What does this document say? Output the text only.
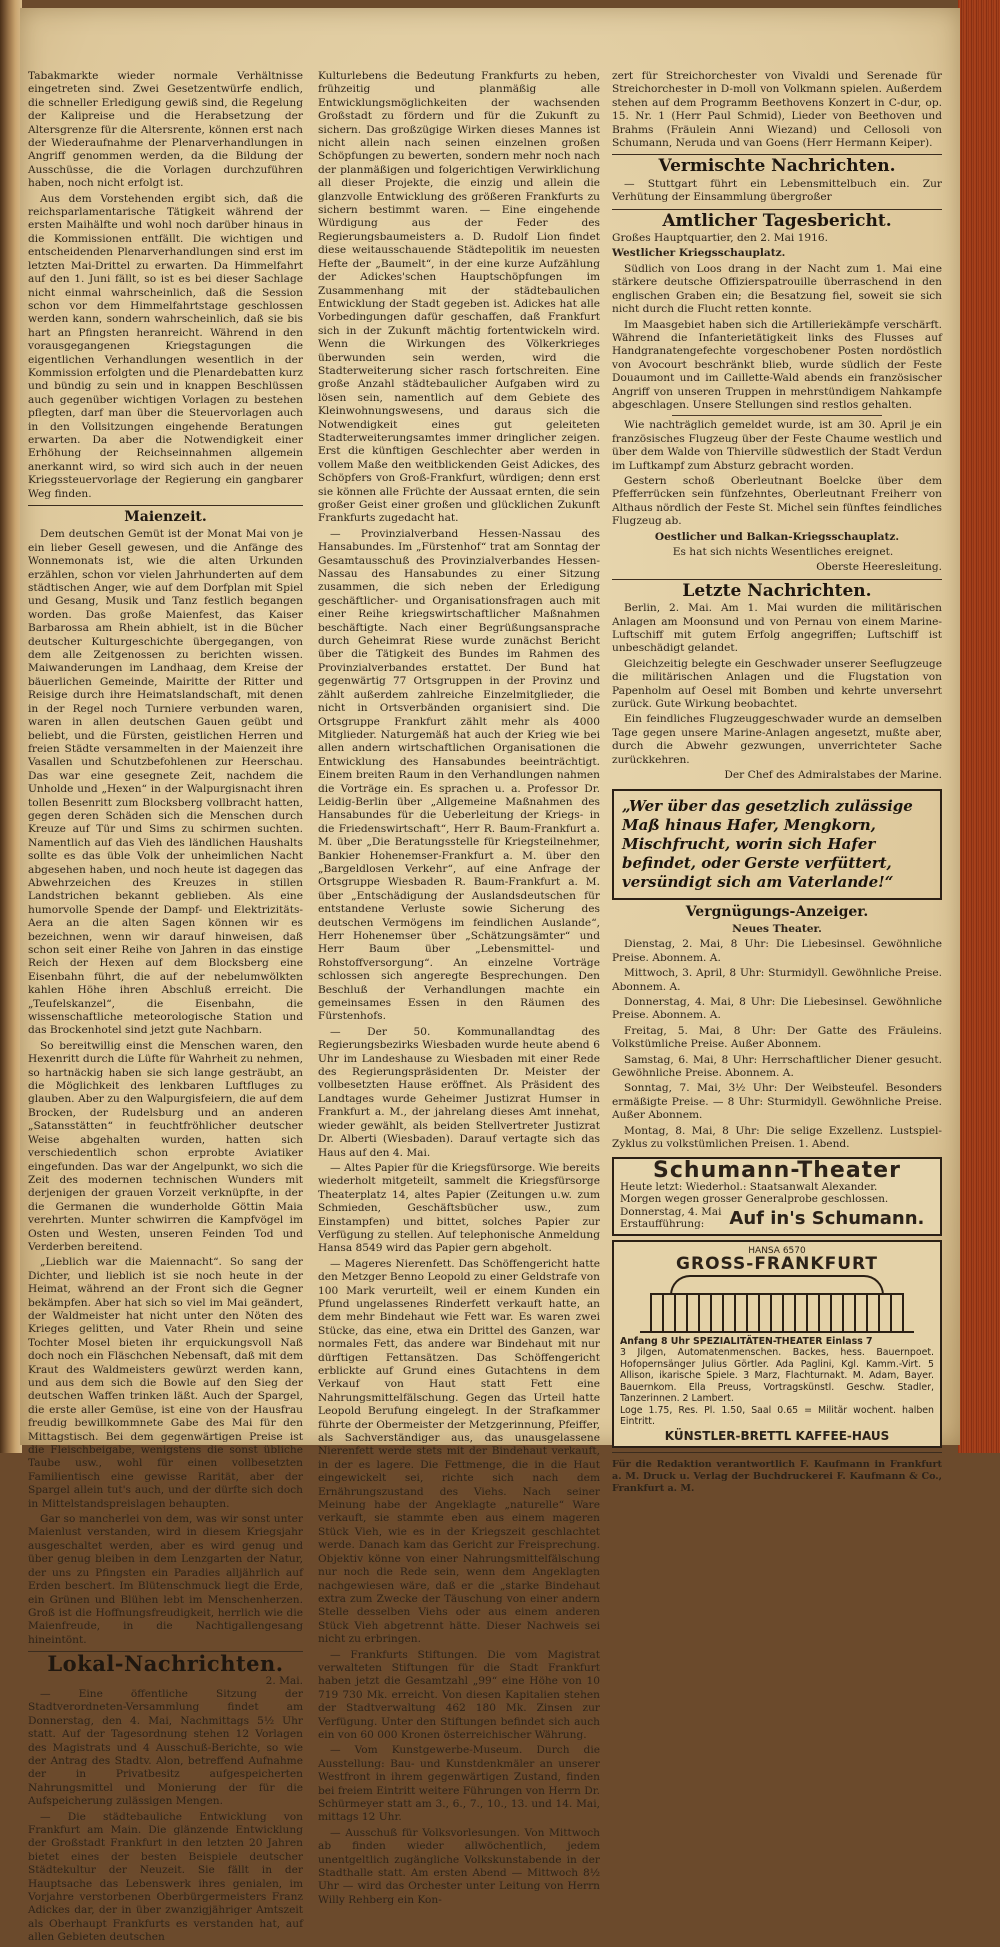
Tabakmarkte wieder normale Verhältnisse eingetreten sind. Zwei Gesetzentwürfe endlich, die schneller Erledigung gewiß sind, die Regelung der Kalipreise und die Herabsetzung der Altersgrenze für die Altersrente, können erst nach der Wiederaufnahme der Plenarverhandlungen in Angriff genommen werden, da die Bildung der Ausschüsse, die die Vorlagen durchzuführen haben, noch nicht erfolgt ist.

Aus dem Vorstehenden ergibt sich, daß die reichsparlamentarische Tätigkeit während der ersten Maihälfte und wohl noch darüber hinaus in die Kommissionen entfällt. Die wichtigen und entscheidenden Plenarverhandlungen sind erst im letzten Mai-Drittel zu erwarten. Da Himmelfahrt auf den 1. Juni fällt, so ist es bei dieser Sachlage nicht einmal wahrscheinlich, daß die Session schon vor dem Himmelfahrtstage geschlossen werden kann, sondern wahrscheinlich, daß sie bis hart an Pfingsten heranreicht. Während in den vorausgegangenen Kriegstagungen die eigentlichen Verhandlungen wesentlich in der Kommission erfolgten und die Plenardebatten kurz und bündig zu sein und in knappen Beschlüssen auch gegenüber wichtigen Vorlagen zu bestehen pflegten, darf man über die Steuervorlagen auch in den Vollsitzungen eingehende Beratungen erwarten. Da aber die Notwendigkeit einer Erhöhung der Reichseinnahmen allgemein anerkannt wird, so wird sich auch in der neuen Kriegssteuervorlage der Regierung ein gangbarer Weg finden.

Maienzeit.

Dem deutschen Gemüt ist der Monat Mai von je ein lieber Gesell gewesen, und die Anfänge des Wonnemonats ist, wie die alten Urkunden erzählen, schon vor vielen Jahrhunderten auf dem städtischen Anger, wie auf dem Dorfplan mit Spiel und Gesang, Musik und Tanz festlich begangen worden. Das große Maienfest, das Kaiser Barbarossa am Rhein abhielt, ist in die Bücher deutscher Kulturgeschichte übergegangen, von dem alle Zeitgenossen zu berichten wissen. Maiwanderungen im Landhaag, dem Kreise der bäuerlichen Gemeinde, Mairitte der Ritter und Reisige durch ihre Heimatslandschaft, mit denen in der Regel noch Turniere verbunden waren, waren in allen deutschen Gauen geübt und beliebt, und die Fürsten, geistlichen Herren und freien Städte versammelten in der Maienzeit ihre Vasallen und Schutzbefohlenen zur Heerschau. Das war eine gesegnete Zeit, nachdem die Unholde und „Hexen“ in der Walpurgisnacht ihren tollen Besenritt zum Blocksberg vollbracht hatten, gegen deren Schäden sich die Menschen durch Kreuze auf Tür und Sims zu schirmen suchten. Namentlich auf das Vieh des ländlichen Haushalts sollte es das üble Volk der unheimlichen Nacht abgesehen haben, und noch heute ist dagegen das Abwehrzeichen des Kreuzes in stillen Landstrichen bekannt geblieben. Als eine humorvolle Spende der Dampf- und Elektrizitäts-Aera an die alten Sagen können wir es bezeichnen, wenn wir darauf hinweisen, daß schon seit einer Reihe von Jahren in das einstige Reich der Hexen auf dem Blocksberg eine Eisenbahn führt, die auf der nebelumwölkten kahlen Höhe ihren Abschluß erreicht. Die „Teufelskanzel“, die Eisenbahn, die wissenschaftliche meteorologische Station und das Brockenhotel sind jetzt gute Nachbarn.

So bereitwillig einst die Menschen waren, den Hexenritt durch die Lüfte für Wahrheit zu nehmen, so hartnäckig haben sie sich lange gesträubt, an die Möglichkeit des lenkbaren Luftfluges zu glauben. Aber zu den Walpurgisfeiern, die auf dem Brocken, der Rudelsburg und an anderen „Satansstätten“ in feuchtfröhlicher deutscher Weise abgehalten wurden, hatten sich verschiedentlich schon erprobte Aviatiker eingefunden. Das war der Angelpunkt, wo sich die Zeit des modernen technischen Wunders mit derjenigen der grauen Vorzeit verknüpfte, in der die Germanen die wunderholde Göttin Maia verehrten. Munter schwirren die Kampfvögel im Osten und Westen, unseren Feinden Tod und Verderben bereitend.

„Lieblich war die Maiennacht“. So sang der Dichter, und lieblich ist sie noch heute in der Heimat, während an der Front sich die Gegner bekämpfen. Aber hat sich so viel im Mai geändert, der Waldmeister hat nicht unter den Nöten des Krieges gelitten, und Vater Rhein und seine Tochter Mosel bieten ihr erquickungsvoll Naß doch noch ein Fläschchen Nebensaft, daß mit dem Kraut des Waldmeisters gewürzt werden kann, und aus dem sich die Bowle auf den Sieg der deutschen Waffen trinken läßt. Auch der Spargel, die erste aller Gemüse, ist eine von der Hausfrau freudig bewillkommnete Gabe des Mai für den Mittagstisch. Bei dem gegenwärtigen Preise ist die Fleischbeigabe, wenigstens die sonst übliche Taube usw., wohl für einen vollbesetzten Familientisch eine gewisse Rarität, aber der Spargel allein tut's auch, und der dürfte sich doch in Mittelstandspreislagen behaupten.

Gar so mancherlei von dem, was wir sonst unter Maienlust verstanden, wird in diesem Kriegsjahr ausgeschaltet werden, aber es wird genug und über genug bleiben in dem Lenzgarten der Natur, der uns zu Pfingsten ein Paradies alljährlich auf Erden beschert. Im Blütenschmuck liegt die Erde, ein Grünen und Blühen lebt im Menschenherzen. Groß ist die Hoffnungsfreudigkeit, herrlich wie die Maienfreude, in die Nachtigallengesang hineintönt.

Lokal-Nachrichten.
2. Mai.

— Eine öffentliche Sitzung der Stadtverordneten-Versammlung findet am Donnerstag, den 4. Mai, Nachmittags 5½ Uhr statt. Auf der Tagesordnung stehen 12 Vorlagen des Magistrats und 4 Ausschuß-Berichte, so wie der Antrag des Stadtv. Alon, betreffend Aufnahme der in Privatbesitz aufgespeicherten Nahrungsmittel und Monierung der für die Aufspeicherung zulässigen Mengen.

— Die städtebauliche Entwicklung von Frankfurt am Main. Die glänzende Entwicklung der Großstadt Frankfurt in den letzten 20 Jahren bietet eines der besten Beispiele deutscher Städtekultur der Neuzeit. Sie fällt in der Hauptsache das Lebenswerk ihres genialen, im Vorjahre verstorbenen Oberbürgermeisters Franz Adickes dar, der in über zwanzigjähriger Amtszeit als Oberhaupt Frankfurts es verstanden hat, auf allen Gebieten deutschen

Kulturlebens die Bedeutung Frankfurts zu heben, frühzeitig und planmäßig alle Entwicklungsmöglichkeiten der wachsenden Großstadt zu fördern und für die Zukunft zu sichern. Das großzügige Wirken dieses Mannes ist nicht allein nach seinen einzelnen großen Schöpfungen zu bewerten, sondern mehr noch nach der planmäßigen und folgerichtigen Verwirklichung all dieser Projekte, die einzig und allein die glanzvolle Entwicklung des größeren Frankfurts zu sichern bestimmt waren. — Eine eingehende Würdigung aus der Feder des Regierungsbaumeisters a. D. Rudolf Lion findet diese weitausschauende Städtepolitik im neuesten Hefte der „Baumelt“, in der eine kurze Aufzählung der Adickes'schen Hauptschöpfungen im Zusammenhang mit der städtebaulichen Entwicklung der Stadt gegeben ist. Adickes hat alle Vorbedingungen dafür geschaffen, daß Frankfurt sich in der Zukunft mächtig fortentwickeln wird. Wenn die Wirkungen des Völkerkrieges überwunden sein werden, wird die Stadterweiterung sicher rasch fortschreiten. Eine große Anzahl städtebaulicher Aufgaben wird zu lösen sein, namentlich auf dem Gebiete des Kleinwohnungswesens, und daraus sich die Notwendigkeit eines gut geleiteten Stadterweiterungsamtes immer dringlicher zeigen. Erst die künftigen Geschlechter aber werden in vollem Maße den weitblickenden Geist Adickes, des Schöpfers von Groß-Frankfurt, würdigen; denn erst sie können alle Früchte der Aussaat ernten, die sein großer Geist einer großen und glücklichen Zukunft Frankfurts zugedacht hat.

— Provinzialverband Hessen-Nassau des Hansabundes. Im „Fürstenhof“ trat am Sonntag der Gesamtausschuß des Provinzialverbandes Hessen-Nassau des Hansabundes zu einer Sitzung zusammen, die sich neben der Erledigung geschäftlicher- und Organisationsfragen auch mit einer Reihe kriegswirtschaftlicher Maßnahmen beschäftigte. Nach einer Begrüßungsansprache durch Geheimrat Riese wurde zunächst Bericht über die Tätigkeit des Bundes im Rahmen des Provinzialverbandes erstattet. Der Bund hat gegenwärtig 77 Ortsgruppen in der Provinz und zählt außerdem zahlreiche Einzelmitglieder, die nicht in Ortsverbänden organisiert sind. Die Ortsgruppe Frankfurt zählt mehr als 4000 Mitglieder. Naturgemäß hat auch der Krieg wie bei allen andern wirtschaftlichen Organisationen die Entwicklung des Hansabundes beeinträchtigt. Einem breiten Raum in den Verhandlungen nahmen die Vorträge ein. Es sprachen u. a. Professor Dr. Leidig-Berlin über „Allgemeine Maßnahmen des Hansabundes für die Ueberleitung der Kriegs- in die Friedenswirtschaft“, Herr R. Baum-Frankfurt a. M. über „Die Beratungsstelle für Kriegsteilnehmer, Bankier Hohenemser-Frankfurt a. M. über den „Bargeldlosen Verkehr“, auf eine Anfrage der Ortsgruppe Wiesbaden R. Baum-Frankfurt a. M. über „Entschädigung der Auslandsdeutschen für entstandene Verluste sowie Sicherung des deutschen Vermögens im feindlichen Auslande“, Herr Hohenemser über „Schätzungsämter“ und Herr Baum über „Lebensmittel- und Rohstoffversorgung“. An einzelne Vorträge schlossen sich angeregte Besprechungen. Den Beschluß der Verhandlungen machte ein gemeinsames Essen in den Räumen des Fürstenhofs.

— Der 50. Kommunallandtag des Regierungsbezirks Wiesbaden wurde heute abend 6 Uhr im Landeshause zu Wiesbaden mit einer Rede des Regierungspräsidenten Dr. Meister der vollbesetzten Hause eröffnet. Als Präsident des Landtages wurde Geheimer Justizrat Humser in Frankfurt a. M., der jahrelang dieses Amt innehat, wieder gewählt, als beiden Stellvertreter Justizrat Dr. Alberti (Wiesbaden). Darauf vertagte sich das Haus auf den 4. Mai.

— Altes Papier für die Kriegsfürsorge. Wie bereits wiederholt mitgeteilt, sammelt die Kriegsfürsorge Theaterplatz 14, altes Papier (Zeitungen u.w. zum Schmieden, Geschäftsbücher usw., zum Einstampfen) und bittet, solches Papier zur Verfügung zu stellen. Auf telephonische Anmeldung Hansa 8549 wird das Papier gern abgeholt.

— Mageres Nierenfett. Das Schöffengericht hatte den Metzger Benno Leopold zu einer Geldstrafe von 100 Mark verurteilt, weil er einem Kunden ein Pfund ungelassenes Rinderfett verkauft hatte, an dem mehr Bindehaut wie Fett war. Es waren zwei Stücke, das eine, etwa ein Drittel des Ganzen, war normales Fett, das andere war Bindehaut mit nur dürftigen Fettansätzen. Das Schöffengericht erblickte auf Grund eines Gutachtens in dem Verkauf von Haut statt Fett eine Nahrungsmittelfälschung. Gegen das Urteil hatte Leopold Berufung eingelegt. In der Strafkammer führte der Obermeister der Metzgerinnung, Pfeiffer, als Sachverständiger aus, das unausgelassene Nierenfett werde stets mit der Bindehaut verkauft, in der es lagere. Die Fettmenge, die in die Haut eingewickelt sei, richte sich nach dem Ernährungszustand des Viehs. Nach seiner Meinung habe der Angeklagte „naturelle“ Ware verkauft, sie stammte eben aus einem mageren Stück Vieh, wie es in der Kriegszeit geschlachtet werde. Danach kam das Gericht zur Freisprechung. Objektiv könne von einer Nahrungsmittelfälschung nur noch die Rede sein, wenn dem Angeklagten nachgewiesen wäre, daß er die „starke Bindehaut extra zum Zwecke der Täuschung von einer andern Stelle desselben Viehs oder aus einem anderen Stück Vieh abgetrennt hätte. Dieser Nachweis sei nicht zu erbringen.

— Frankfurts Stiftungen. Die vom Magistrat verwalteten Stiftungen für die Stadt Frankfurt haben jetzt die Gesamtzahl „99“ eine Höhe von 10 719 730 Mk. erreicht. Von diesen Kapitalien stehen der Stadtverwaltung 462 180 Mk. Zinsen zur Verfügung. Unter den Stiftungen befindet sich auch ein von 60 000 Kronen österreichischer Währung.

— Vom Kunstgewerbe-Museum. Durch die Ausstellung: Bau- und Kunstdenkmäler an unserer Westfront in ihrem gegenwärtigen Zustand, finden bei freiem Eintritt weitere Führungen von Herrn Dr. Schürmeyer statt am 3., 6., 7., 10., 13. und 14. Mai, mittags 12 Uhr.

— Ausschuß für Volksvorlesungen. Von Mittwoch ab finden wieder allwöchentlich, jedem unentgeltlich zugängliche Volkskunstabende in der Stadthalle statt. Am ersten Abend — Mittwoch 8½ Uhr — wird das Orchester unter Leitung von Herrn Willy Rehberg ein Kon-

zert für Streichorchester von Vivaldi und Serenade für Streichorchester in D-moll von Volkmann spielen. Außerdem stehen auf dem Programm Beethovens Konzert in C-dur, op. 15. Nr. 1 (Herr Paul Schmid), Lieder von Beethoven und Brahms (Fräulein Anni Wiezand) und Cellosoli von Schumann, Neruda und van Goens (Herr Hermann Keiper).

Vermischte Nachrichten.

— Stuttgart führt ein Lebensmittelbuch ein. Zur Verhütung der Einsammlung übergroßer

Amtlicher Tagesbericht.

Großes Hauptquartier, den 2. Mai 1916.

Westlicher Kriegsschauplatz.

Südlich von Loos drang in der Nacht zum 1. Mai eine stärkere deutsche Offizierspatrouille überraschend in den englischen Graben ein; die Besatzung fiel, soweit sie sich nicht durch die Flucht retten konnte.

Im Maasgebiet haben sich die Artilleriekämpfe verschärft. Während die Infanterietätigkeit links des Flusses auf Handgranatengefechte vorgeschobener Posten nordöstlich von Avocourt beschränkt blieb, wurde südlich der Feste Douaumont und im Caillette-Wald abends ein französischer Angriff von unseren Truppen in mehrstündigem Nahkampfe abgeschlagen. Unsere Stellungen sind restlos gehalten.

Wie nachträglich gemeldet wurde, ist am 30. April je ein französisches Flugzeug über der Feste Chaume westlich und über dem Walde von Thierville südwestlich der Stadt Verdun im Luftkampf zum Absturz gebracht worden.

Gestern schoß Oberleutnant Boelcke über dem Pfefferrücken sein fünfzehntes, Oberleutnant Freiherr von Althaus nördlich der Feste St. Michel sein fünftes feindliches Flugzeug ab.

Oestlicher und Balkan-Kriegsschauplatz.

Es hat sich nichts Wesentliches ereignet.

Oberste Heeresleitung.
Letzte Nachrichten.

Berlin, 2. Mai. Am 1. Mai wurden die militärischen Anlagen am Moonsund und von Pernau von einem Marine-Luftschiff mit gutem Erfolg angegriffen; Luftschiff ist unbeschädigt gelandet.

Gleichzeitig belegte ein Geschwader unserer Seeflugzeuge die militärischen Anlagen und die Flugstation von Papenholm auf Oesel mit Bomben und kehrte unversehrt zurück. Gute Wirkung beobachtet.

Ein feindliches Flugzeuggeschwader wurde an demselben Tage gegen unsere Marine-Anlagen angesetzt, mußte aber, durch die Abwehr gezwungen, unverrichteter Sache zurückkehren.

Der Chef des Admiralstabes der Marine.
„Wer über das gesetzlich zulässige Maß hinaus Hafer, Mengkorn, Mischfrucht, worin sich Hafer befindet, oder Gerste verfüttert, versündigt sich am Vaterlande!“
Vergnügungs-Anzeiger.
Neues Theater.

Dienstag, 2. Mai, 8 Uhr: Die Liebesinsel. Gewöhnliche Preise. Abonnem. A.

Mittwoch, 3. April, 8 Uhr: Sturmidyll. Gewöhnliche Preise. Abonnem. A.

Donnerstag, 4. Mai, 8 Uhr: Die Liebesinsel. Gewöhnliche Preise. Abonnem. A.

Freitag, 5. Mai, 8 Uhr: Der Gatte des Fräuleins. Volkstümliche Preise. Außer Abonnem.

Samstag, 6. Mai, 8 Uhr: Herrschaftlicher Diener gesucht. Gewöhnliche Preise. Abonnem. A.

Sonntag, 7. Mai, 3½ Uhr: Der Weibsteufel. Besonders ermäßigte Preise. — 8 Uhr: Sturmidyll. Gewöhnliche Preise. Außer Abonnem.

Montag, 8. Mai, 8 Uhr: Die selige Exzellenz. Lustspiel-Zyklus zu volkstümlichen Preisen. 1. Abend.

Schumann-Theater
Heute letzt: Wiederhol.: Staatsanwalt Alexander.
Morgen wegen grosser Generalprobe geschlossen.
Donnerstag, 4. Mai
Erstaufführung:	Auf in's Schumann.
HANSA 6570
GROSS-FRANKFURT
Anfang 8 Uhr SPEZIALITÄTEN-THEATER Einlass 7
3 Jilgen, Automatenmenschen. Backes, hess. Bauernpoet. Hofopernsänger Julius Görtler. Ada Paglini, Kgl. Kamm.-Virt. 5 Allison, ikarische Spiele. 3 Marz, Flachturnakt. M. Adam, Bayer. Bauernkom. Ella Preuss, Vortragskünstl. Geschw. Stadler, Tanzerinnen. 2 Lambert.
Loge 1.75, Res. Pl. 1.50, Saal 0.65 = Militär wochent. halben Eintritt.
KÜNSTLER-BRETTL KAFFEE-HAUS
Für die Redaktion verantwortlich F. Kaufmann in Frankfurt a. M. Druck u. Verlag der Buchdruckerei F. Kaufmann & Co., Frankfurt a. M.
